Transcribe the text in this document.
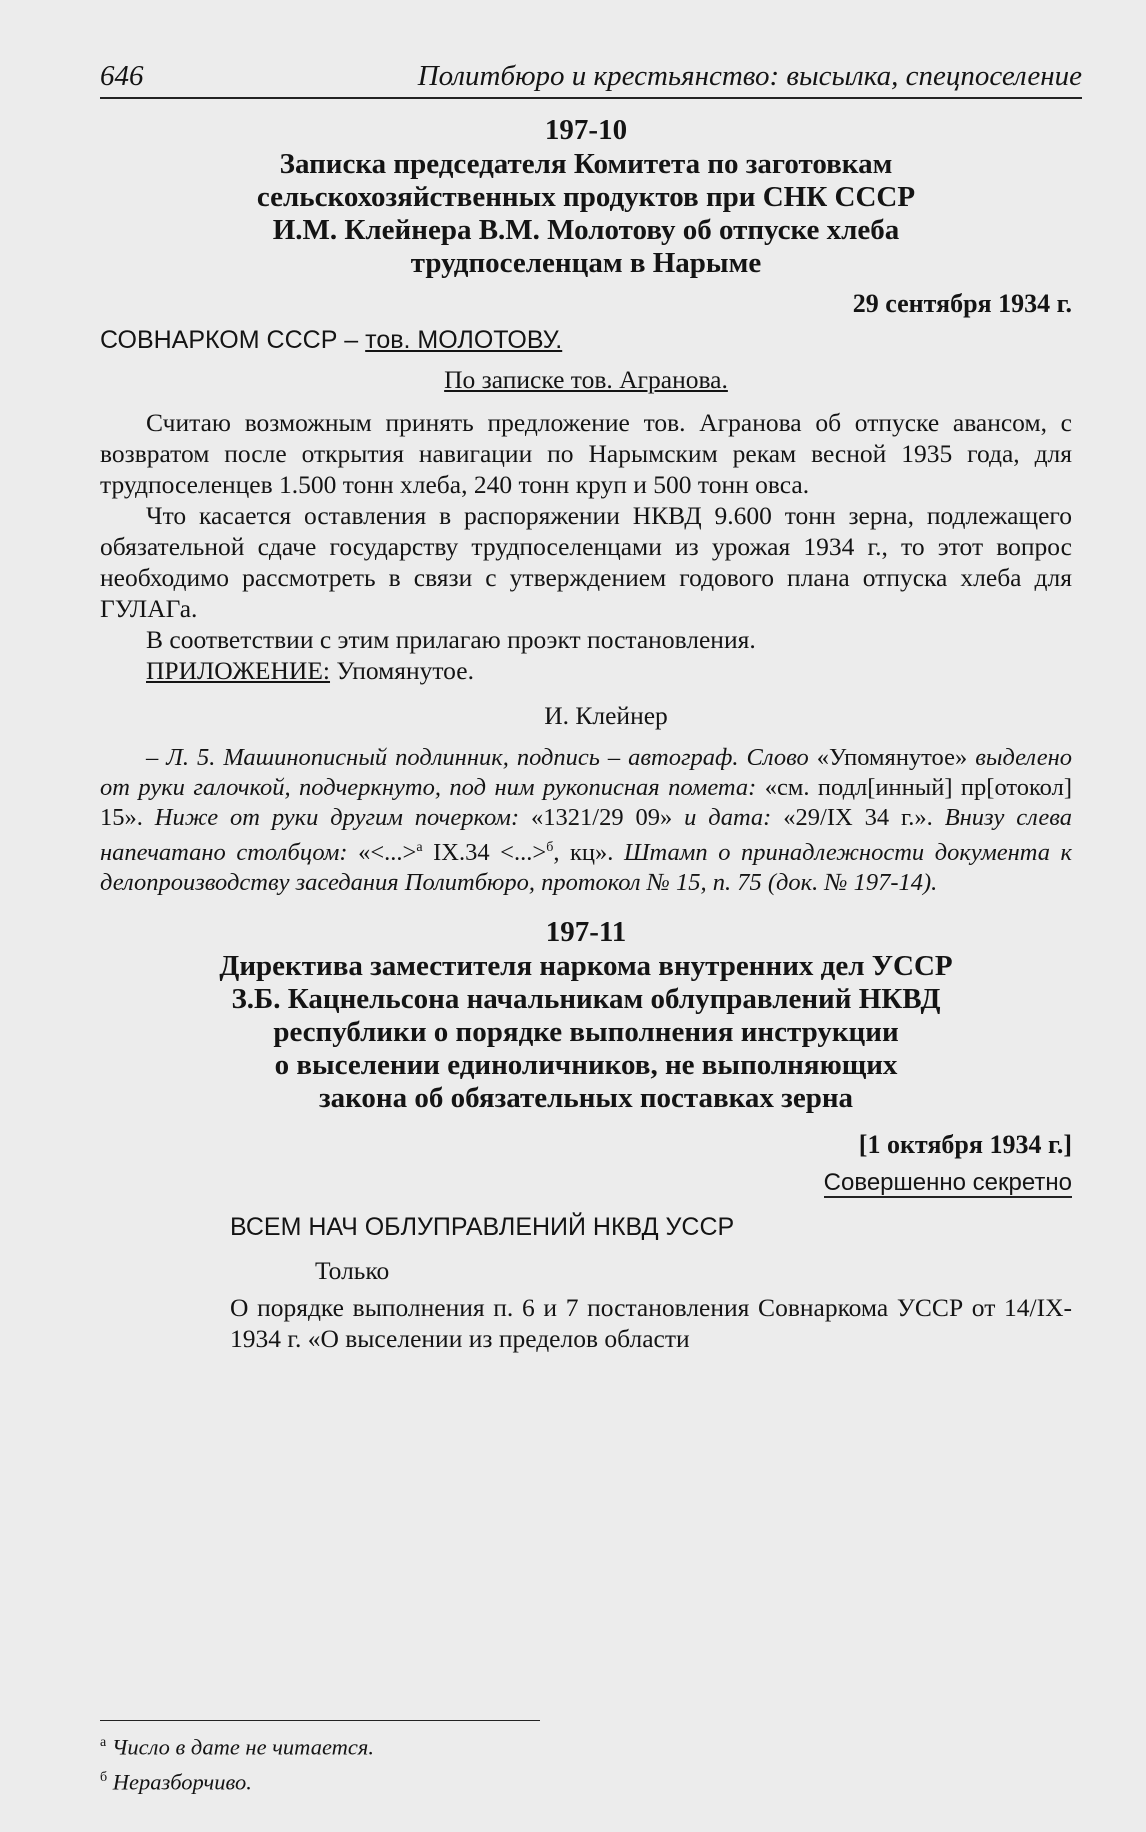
646	Политбюро и крестьянство: высылка, спецпоселение
197-10
Записка председателя Комитета по заготовкам
сельскохозяйственных продуктов при СНК СССР
И.М. Клейнера В.М. Молотову об отпуске хлеба
трудпоселенцам в Нарыме
29 сентября 1934 г.
СОВНАРКОМ СССР – тов. МОЛОТОВУ.
По записке тов. Агранова.

Считаю возможным принять предложение тов. Агранова об отпуске авансом, с возвратом после открытия навигации по Нарымским рекам весной 1935 года, для трудпоселенцев 1.500 тонн хлеба, 240 тонн круп и 500 тонн овса.

Что касается оставления в распоряжении НКВД 9.600 тонн зерна, подлежащего обязательной сдаче государству трудпоселенцами из урожая 1934 г., то этот вопрос необходимо рассмотреть в связи с утверждением годового плана отпуска хлеба для ГУЛАГа.

В соответствии с этим прилагаю проэкт постановления.

ПРИЛОЖЕНИЕ: Упомянутое.

И. Клейнер

– Л. 5. Машинописный подлинник, подпись – автограф. Слово «Упомянутое» выделено от руки галочкой, подчеркнуто, под ним рукописная помета: «см. подл[инный] пр[отокол] 15». Ниже от руки другим почерком: «1321/29 09» и дата: «29/IX 34 г.». Внизу слева напечатано столбцом: «<...>$^а$ IX.34 <...>$^б$, кц». Штамп о принадлежности документа к делопроизводству заседания Политбюро, протокол № 15, п. 75 (док. № 197-14).

197-11
Директива заместителя наркома внутренних дел УССР
З.Б. Кацнельсона начальникам облуправлений НКВД
республики о порядке выполнения инструкции
о выселении единоличников, не выполняющих
закона об обязательных поставках зерна
[1 октября 1934 г.]
Совершенно секретно
ВСЕМ НАЧ ОБЛУПРАВЛЕНИЙ НКВД УССР
Только

О порядке выполнения п. 6 и 7 постановления Совнаркома УССР от 14/IX-1934 г. «О выселении из пределов области

$^а$ Число в дате не читается.
$^б$ Неразборчиво.
